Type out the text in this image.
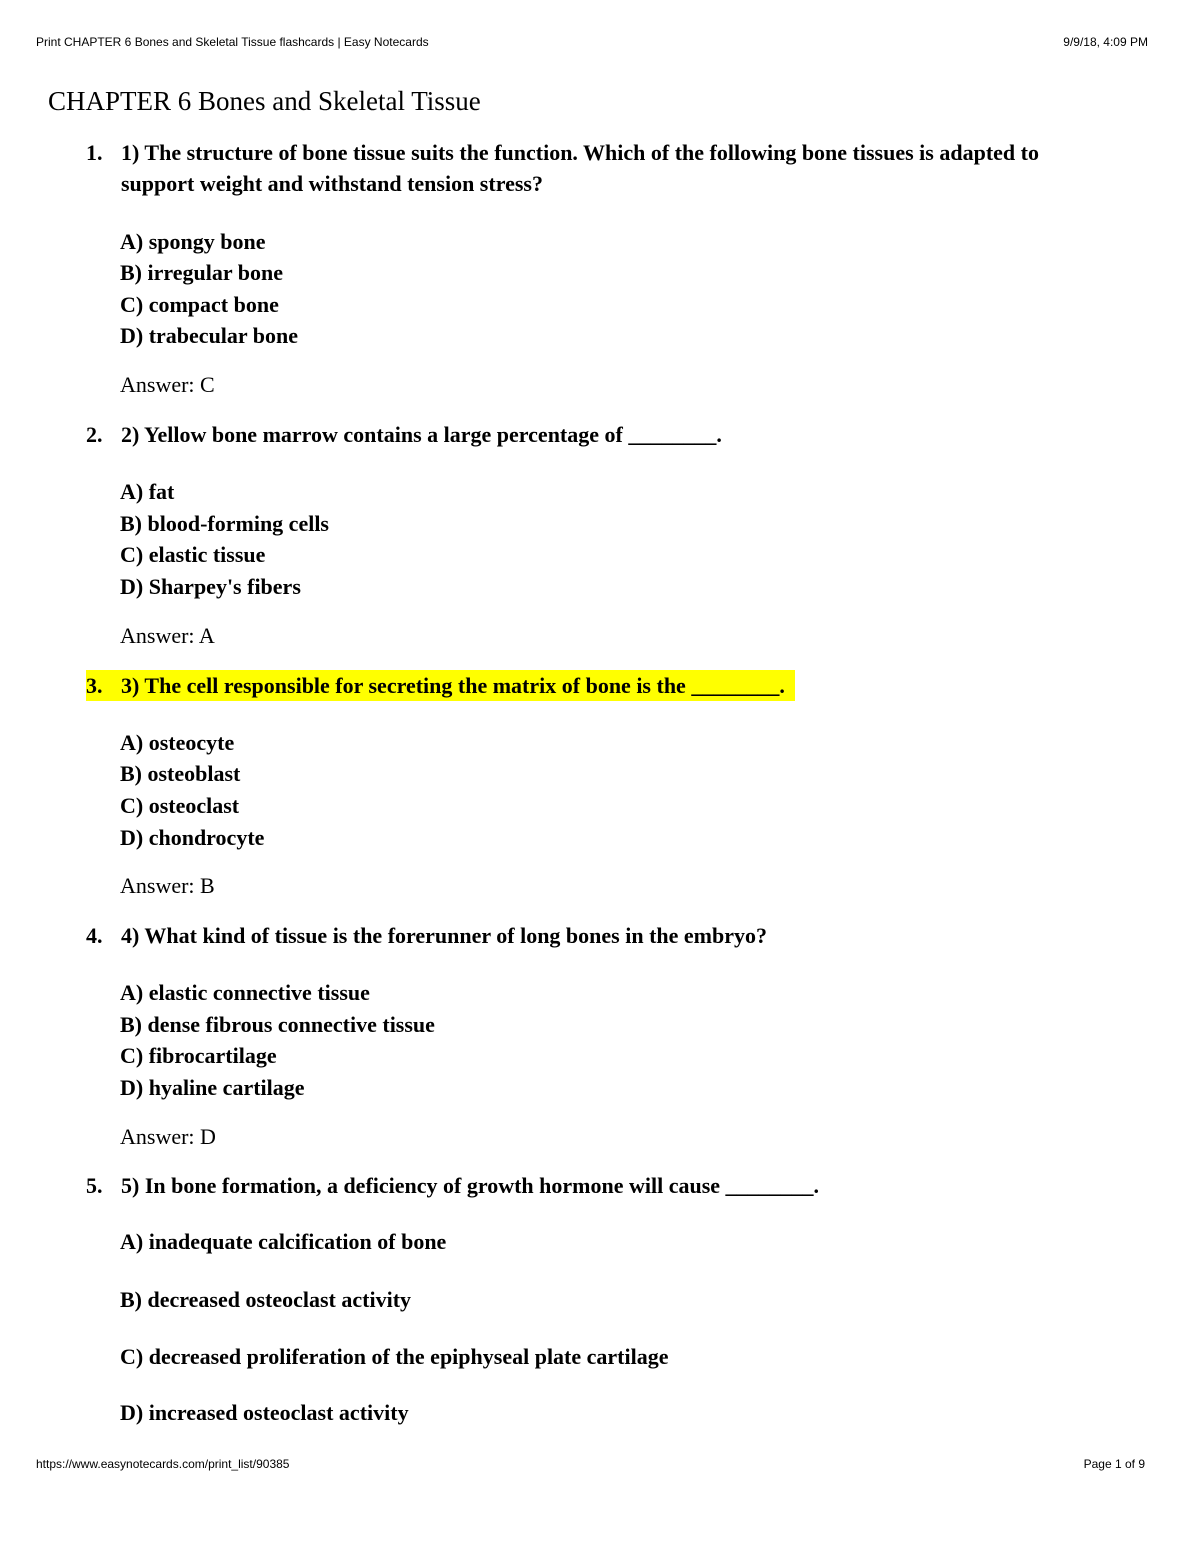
Print CHAPTER 6 Bones and Skeletal Tissue flashcards | Easy Notecards	9/9/18, 4:09 PM
CHAPTER 6 Bones and Skeletal Tissue
1. 1) The structure of bone tissue suits the function. Which of the following bone tissues is adapted to support weight and withstand tension stress?
A) spongy bone
B) irregular bone
C) compact bone
D) trabecular bone
Answer: C
2. 2) Yellow bone marrow contains a large percentage of ________.
A) fat
B) blood-forming cells
C) elastic tissue
D) Sharpey's fibers
Answer: A
3. 3) The cell responsible for secreting the matrix of bone is the ________.
A) osteocyte
B) osteoblast
C) osteoclast
D) chondrocyte
Answer: B
4. 4) What kind of tissue is the forerunner of long bones in the embryo?
A) elastic connective tissue
B) dense fibrous connective tissue
C) fibrocartilage
D) hyaline cartilage
Answer: D
5. 5) In bone formation, a deficiency of growth hormone will cause ________.
A) inadequate calcification of bone
B) decreased osteoclast activity
C) decreased proliferation of the epiphyseal plate cartilage
D) increased osteoclast activity
https://www.easynotecards.com/print_list/90385	Page 1 of 9
